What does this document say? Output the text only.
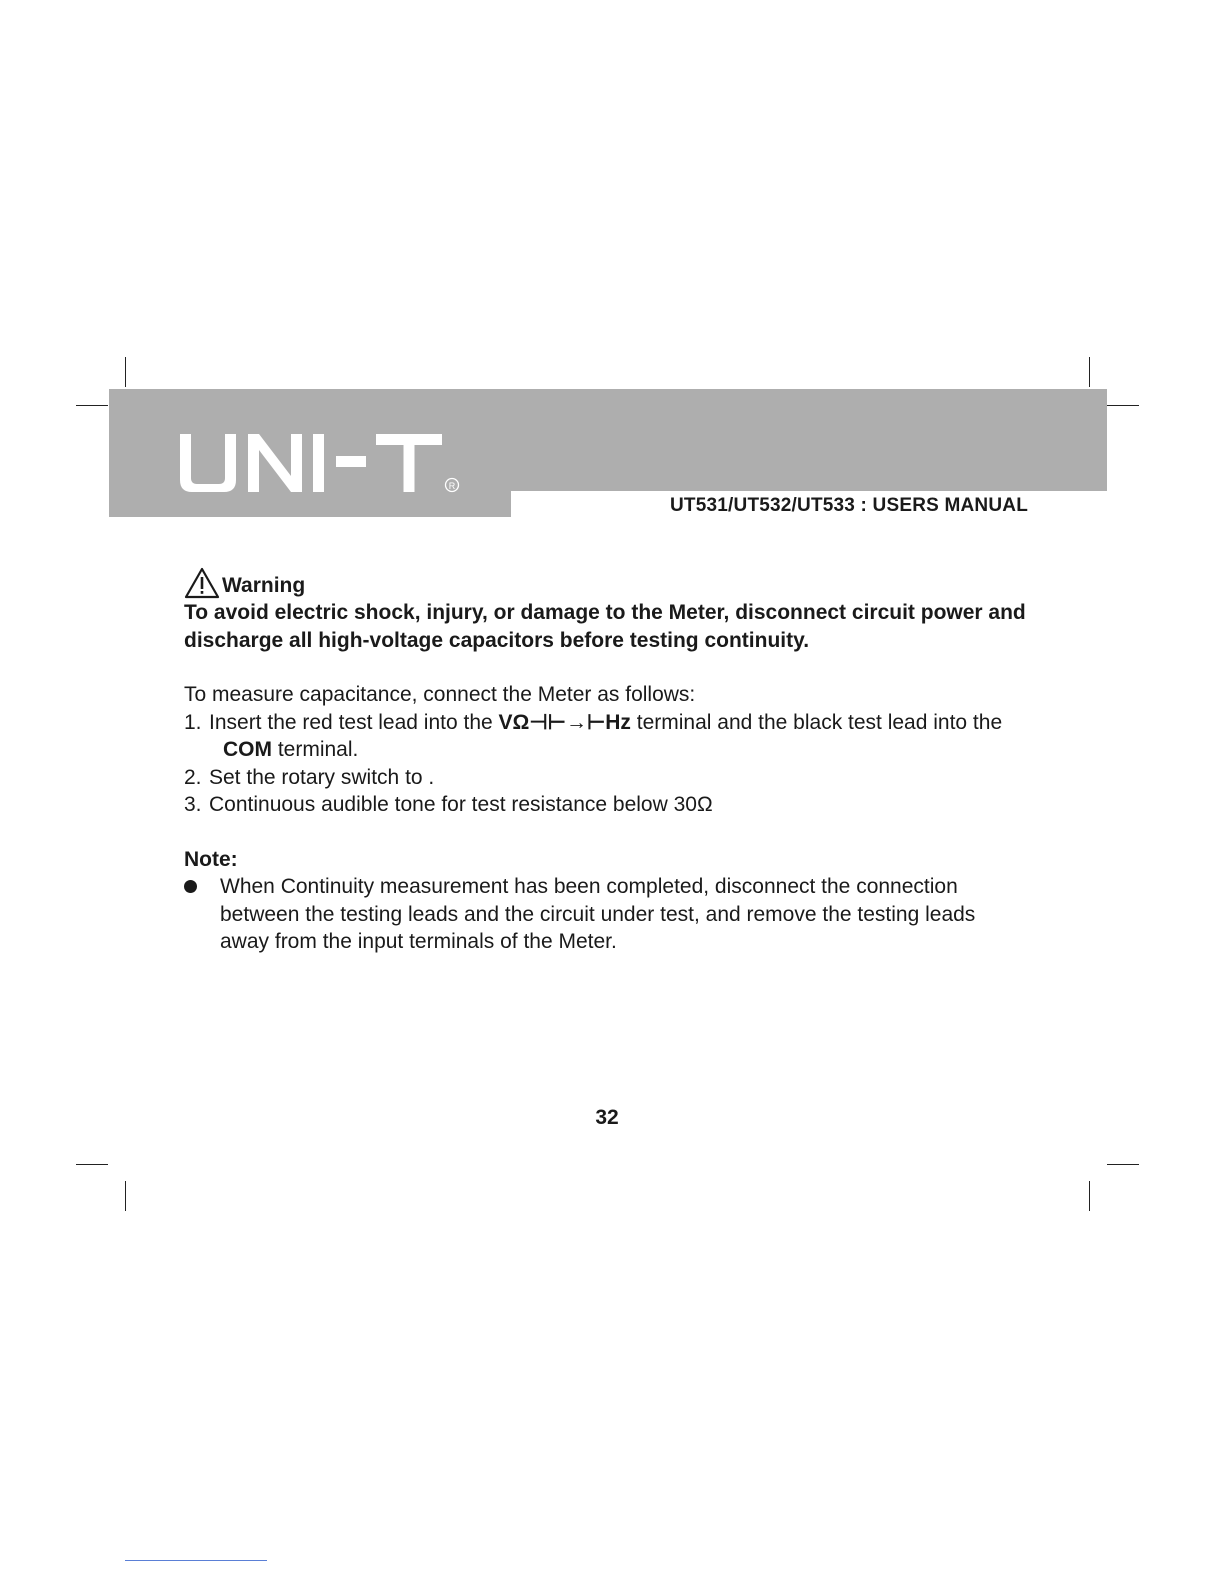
R
UT531/UT532/UT533 : USERS MANUAL
Warning

To avoid electric shock, injury, or damage to the Meter, disconnect circuit power and discharge all high-voltage capacitors before testing continuity.

To measure capacitance, connect the Meter as follows:

1. Insert the red test lead into the VΩ⊣⊢→⊢Hz terminal and the black test lead into the
COM terminal.
2. Set the rotary switch to .
3. Continuous audible tone for test resistance below 30Ω
Note:
When Continuity measurement has been completed, disconnect the connection
between the testing leads and the circuit under test, and remove the testing leads
away from the input terminals of the Meter.
32
